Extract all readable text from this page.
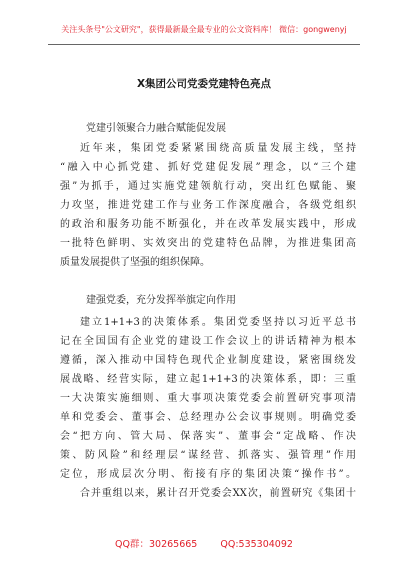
关注头条号"公文研究"，获得最新最全最专业的公文资料库！ 微信：gongwenyj
X集团公司党委党建特色亮点
党建引领聚合力融合赋能促发展
近年来，集团党委紧紧围绕高质量发展主线，坚持
“融入中心抓党建、抓好党建促发展”理念，以“三个建
强”为抓手，通过实施党建领航行动，突出红色赋能、聚
力攻坚，推进党建工作与业务工作深度融合，各级党组织
的政治和服务功能不断强化，并在改革发展实践中，形成
一批特色鲜明、实效突出的党建特色品牌，为推进集团高
质量发展提供了坚强的组织保障。
建强党委，充分发挥举旗定向作用
建立1+1+3的决策体系。集团党委坚持以习近平总书
记在全国国有企业党的建设工作会议上的讲话精神为根本
遵循，深入推动中国特色现代企业制度建设，紧密围绕发
展战略、经营实际，建立起1+1+3的决策体系，即：三重
一大决策实施细则、重大事项决策党委会前置研究事项清
单和党委会、董事会、总经理办公会议事规则。明确党委
会“把方向、管大局、保落实”、董事会“定战略、作决
策、防风险”和经理层“谋经营、抓落实、强管理”作用
定位，形成层次分明、衔接有序的集团决策“操作书”。
合并重组以来，累计召开党委会XX次，前置研究《集团十
QQ群：30265665 QQ:535304092
